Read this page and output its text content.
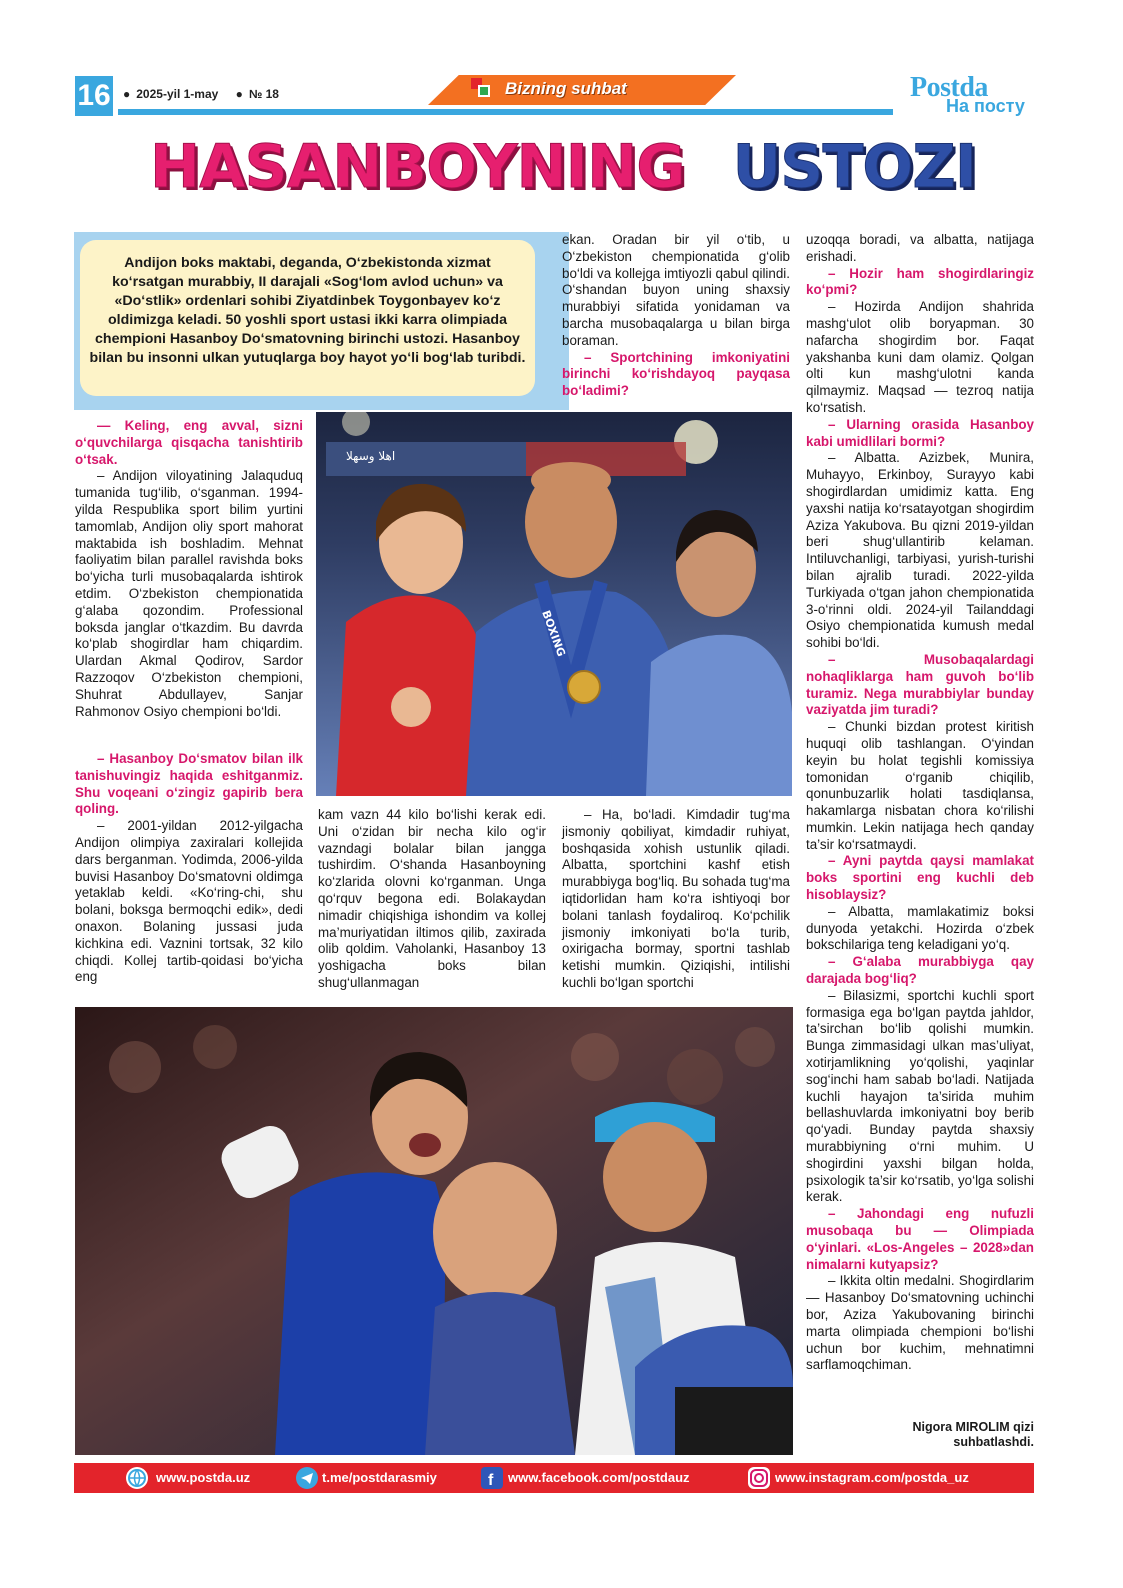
16 ● 2025-yil 1-may ● № 18	Bizning suhbat	Postda
На посту
HASANBOYNING USTOZI
Andijon boks maktabi, deganda, O‘zbekistonda xizmat ko‘rsatgan murabbiy, II darajali «Sog‘lom avlod uchun» va «Do‘stlik» ordenlari sohibi Ziyatdinbek Toygonbayev ko‘z oldimizga keladi. 50 yoshli sport ustasi ikki karra olimpiada chempioni Hasanboy Do‘smatovning birinchi ustozi. Hasanboy bilan bu insonni ulkan yutuqlarga boy hayot yo‘li bog‘lab turibdi.

— Keling, eng avval, sizni o‘quvchilarga qisqacha tanishtirib o‘tsak.

– Andijon viloyatining Jalaquduq tumanida tug‘ilib, o‘sganman. 1994-yilda Respublika sport bilim yurtini tamomlab, Andijon oliy sport mahorat maktabida ish boshladim. Mehnat faoliyatim bilan parallel ravishda boks bo‘yicha turli musobaqalarda ishtirok etdim. O‘zbekiston chempionatida g‘alaba qozondim. Professional boksda janglar o‘tkazdim. Bu davrda ko‘plab shogirdlar ham chiqardim. Ulardan Akmal Qodirov, Sardor Razzoqov O‘zbekiston chempioni, Shuhrat Abdullayev, Sanjar Rahmonov Osiyo chempioni bo‘ldi.

– Hasanboy Do‘smatov bilan ilk tanishuvingiz haqida eshitganmiz. Shu voqeani o‘zingiz gapirib bera qoling.

– 2001-yildan 2012-yilgacha Andijon olimpiya zaxiralari kollejida dars berganman. Yodimda, 2006-yilda buvisi Hasanboy Do‘smatovni oldimga yetaklab keldi. «Ko‘ring-chi, shu bolani, boksga bermoqchi edik», dedi onaxon. Bolaning jussasi juda kichkina edi. Vaznini tortsak, 32 kilo chiqdi. Kollej tartib-qoidasi bo‘yicha eng

kam vazn 44 kilo bo‘lishi kerak edi. Uni o‘zidan bir necha kilo og‘ir vazndagi bolalar bilan jangga tushirdim. O‘shanda Hasanboyning ko‘zlarida olovni ko‘rganman. Unga qo‘rquv begona edi. Bolakaydan nimadir chiqishiga ishondim va kollej ma’muriyatidan iltimos qilib, zaxirada olib qoldim. Vaholanki, Hasanboy 13 yoshigacha boks bilan shug‘ullanmagan

ekan. Oradan bir yil o‘tib, u O‘zbekiston chempionatida g‘olib bo‘ldi va kollejga imtiyozli qabul qilindi. O‘shandan buyon uning shaxsiy murabbiyi sifatida yonidaman va barcha musobaqalarga u bilan birga boraman.

– Sportchining imkoniyatini birinchi ko‘rishdayoq payqasa bo‘ladimi?

– Ha, bo‘ladi. Kimdadir tug‘ma jismoniy qobiliyat, kimdadir ruhiyat, boshqasida xohish ustunlik qiladi. Albatta, sportchini kashf etish murabbiyga bog‘liq. Bu sohada tug‘ma iqtidorlidan ham ko‘ra ishtiyoqi bor bolani tanlash foydaliroq. Ko‘pchilik jismoniy imkoniyati bo‘la turib, oxirigacha bormay, sportni tashlab ketishi mumkin. Qiziqishi, intilishi kuchli bo‘lgan sportchi

uzoqqa boradi, va albatta, natijaga erishadi.

– Hozir ham shogirdlaringiz ko‘pmi?

– Hozirda Andijon shahrida mashg‘ulot olib boryapman. 30 nafarcha shogirdim bor. Faqat yakshanba kuni dam olamiz. Qolgan olti kun mashg‘ulotni kanda qilmaymiz. Maqsad — tezroq natija ko‘rsatish.

– Ularning orasida Hasanboy kabi umidlilari bormi?

– Albatta. Azizbek, Munira, Muhayyo, Erkinboy, Surayyo kabi shogirdlardan umidimiz katta. Eng yaxshi natija ko‘rsatayotgan shogirdim Aziza Yakubova. Bu qizni 2019-yildan beri shug‘ullantirib kelaman. Intiluvchanligi, tarbiyasi, yurish-turishi bilan ajralib turadi. 2022-yilda Turkiyada o‘tgan jahon chempionatida 3-o‘rinni oldi. 2024-yil Tailanddagi Osiyo chempionatida kumush medal sohibi bo‘ldi.

– Musobaqalardagi nohaqliklarga ham guvoh bo‘lib turamiz. Nega murabbiylar bunday vaziyatda jim turadi?

– Chunki bizdan protest kiritish huquqi olib tashlangan. O‘yindan keyin bu holat tegishli komissiya tomonidan o‘rganib chiqilib, qonunbuzarlik holati tasdiqlansa, hakamlarga nisbatan chora ko‘rilishi mumkin. Lekin natijaga hech qanday ta’sir ko‘rsatmaydi.

– Ayni paytda qaysi mamlakat boks sportini eng kuchli deb hisoblaysiz?

– Albatta, mamlakatimiz boksi dunyoda yetakchi. Hozirda o‘zbek bokschilariga teng keladigani yo‘q.

– G‘alaba murabbiyga qay darajada bog‘liq?

– Bilasizmi, sportchi kuchli sport formasiga ega bo‘lgan paytda jahldor, ta’sirchan bo‘lib qolishi mumkin. Bunga zimmasidagi ulkan mas’uliyat, xotirjamlikning yo‘qolishi, yaqinlar sog‘inchi ham sabab bo‘ladi. Natijada kuchli hayajon ta’sirida muhim bellashuvlarda imkoniyatni boy berib qo‘yadi. Bunday paytda shaxsiy murabbiyning o‘rni muhim. U shogirdini yaxshi bilgan holda, psixologik ta’sir ko‘rsatib, yo‘lga solishi kerak.

– Jahondagi eng nufuzli musobaqa bu — Olimpiada o‘yinlari. «Los-Angeles – 2028»dan nimalarni kutyapsiz?

– Ikkita oltin medalni. Shogirdlarim — Hasanboy Do‘smatovning uchinchi bor, Aziza Yakubovaning birinchi marta olimpiada chempioni bo‘lishi uchun bor kuchim, mehnatimni sarflamoqchiman.

Nigora MIROLIM qizi
suhbatlashdi.
اهلا وسهلا
BOXING
www.postda.uz	t.me/postdarasmiy	f www.facebook.com/postdauz	www.instagram.com/postda_uz
